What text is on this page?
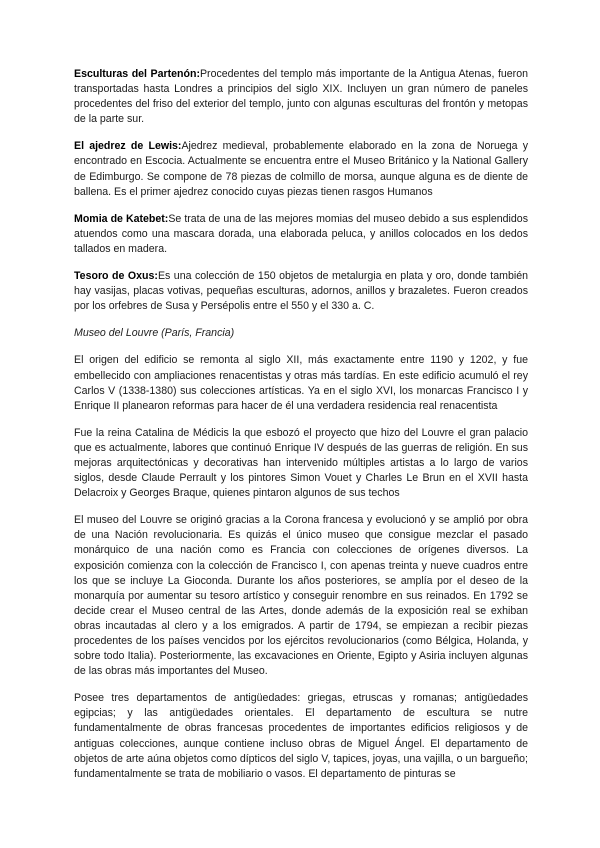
Esculturas del Partenón:Procedentes del templo más importante de la Antigua Atenas, fueron transportadas hasta Londres a principios del siglo XIX. Incluyen un gran número de paneles procedentes del friso del exterior del templo, junto con algunas esculturas del frontón y metopas de la parte sur.

El ajedrez de Lewis:Ajedrez medieval, probablemente elaborado en la zona de Noruega y encontrado en Escocia. Actualmente se encuentra entre el Museo Británico y la National Gallery de Edimburgo. Se compone de 78 piezas de colmillo de morsa, aunque alguna es de diente de ballena. Es el primer ajedrez conocido cuyas piezas tienen rasgos Humanos

Momia de Katebet:Se trata de una de las mejores momias del museo debido a sus esplendidos atuendos como una mascara dorada, una elaborada peluca, y anillos colocados en los dedos tallados en madera.

Tesoro de Oxus:Es una colección de 150 objetos de metalurgia en plata y oro, donde también hay vasijas, placas votivas, pequeñas esculturas, adornos, anillos y brazaletes. Fueron creados por los orfebres de Susa y Persépolis entre el 550 y el 330 a. C.

Museo del Louvre (París, Francia)

El origen del edificio se remonta al siglo XII, más exactamente entre 1190 y 1202, y fue embellecido con ampliaciones renacentistas y otras más tardías. En este edificio acumuló el rey Carlos V (1338-1380) sus colecciones artísticas. Ya en el siglo XVI, los monarcas Francisco I y Enrique II planearon reformas para hacer de él una verdadera residencia real renacentista

Fue la reina Catalina de Médicis la que esbozó el proyecto que hizo del Louvre el gran palacio que es actualmente, labores que continuó Enrique IV después de las guerras de religión. En sus mejoras arquitectónicas y decorativas han intervenido múltiples artistas a lo largo de varios siglos, desde Claude Perrault y los pintores Simon Vouet y Charles Le Brun en el XVII hasta Delacroix y Georges Braque, quienes pintaron algunos de sus techos

El museo del Louvre se originó gracias a la Corona francesa y evolucionó y se amplió por obra de una Nación revolucionaria. Es quizás el único museo que consigue mezclar el pasado monárquico de una nación como es Francia con colecciones de orígenes diversos. La exposición comienza con la colección de Francisco I, con apenas treinta y nueve cuadros entre los que se incluye La Gioconda. Durante los años posteriores, se amplía por el deseo de la monarquía por aumentar su tesoro artístico y conseguir renombre en sus reinados. En 1792 se decide crear el Museo central de las Artes, donde además de la exposición real se exhiban obras incautadas al clero y a los emigrados. A partir de 1794, se empiezan a recibir piezas procedentes de los países vencidos por los ejércitos revolucionarios (como Bélgica, Holanda, y sobre todo Italia). Posteriormente, las excavaciones en Oriente, Egipto y Asiria incluyen algunas de las obras más importantes del Museo.

Posee tres departamentos de antigüedades: griegas, etruscas y romanas; antigüedades egipcias; y las antigüedades orientales. El departamento de escultura se nutre fundamentalmente de obras francesas procedentes de importantes edificios religiosos y de antiguas colecciones, aunque contiene incluso obras de Miguel Ángel. El departamento de objetos de arte aúna objetos como dípticos del siglo V, tapices, joyas, una vajilla, o un bargueño; fundamentalmente se trata de mobiliario o vasos. El departamento de pinturas se
